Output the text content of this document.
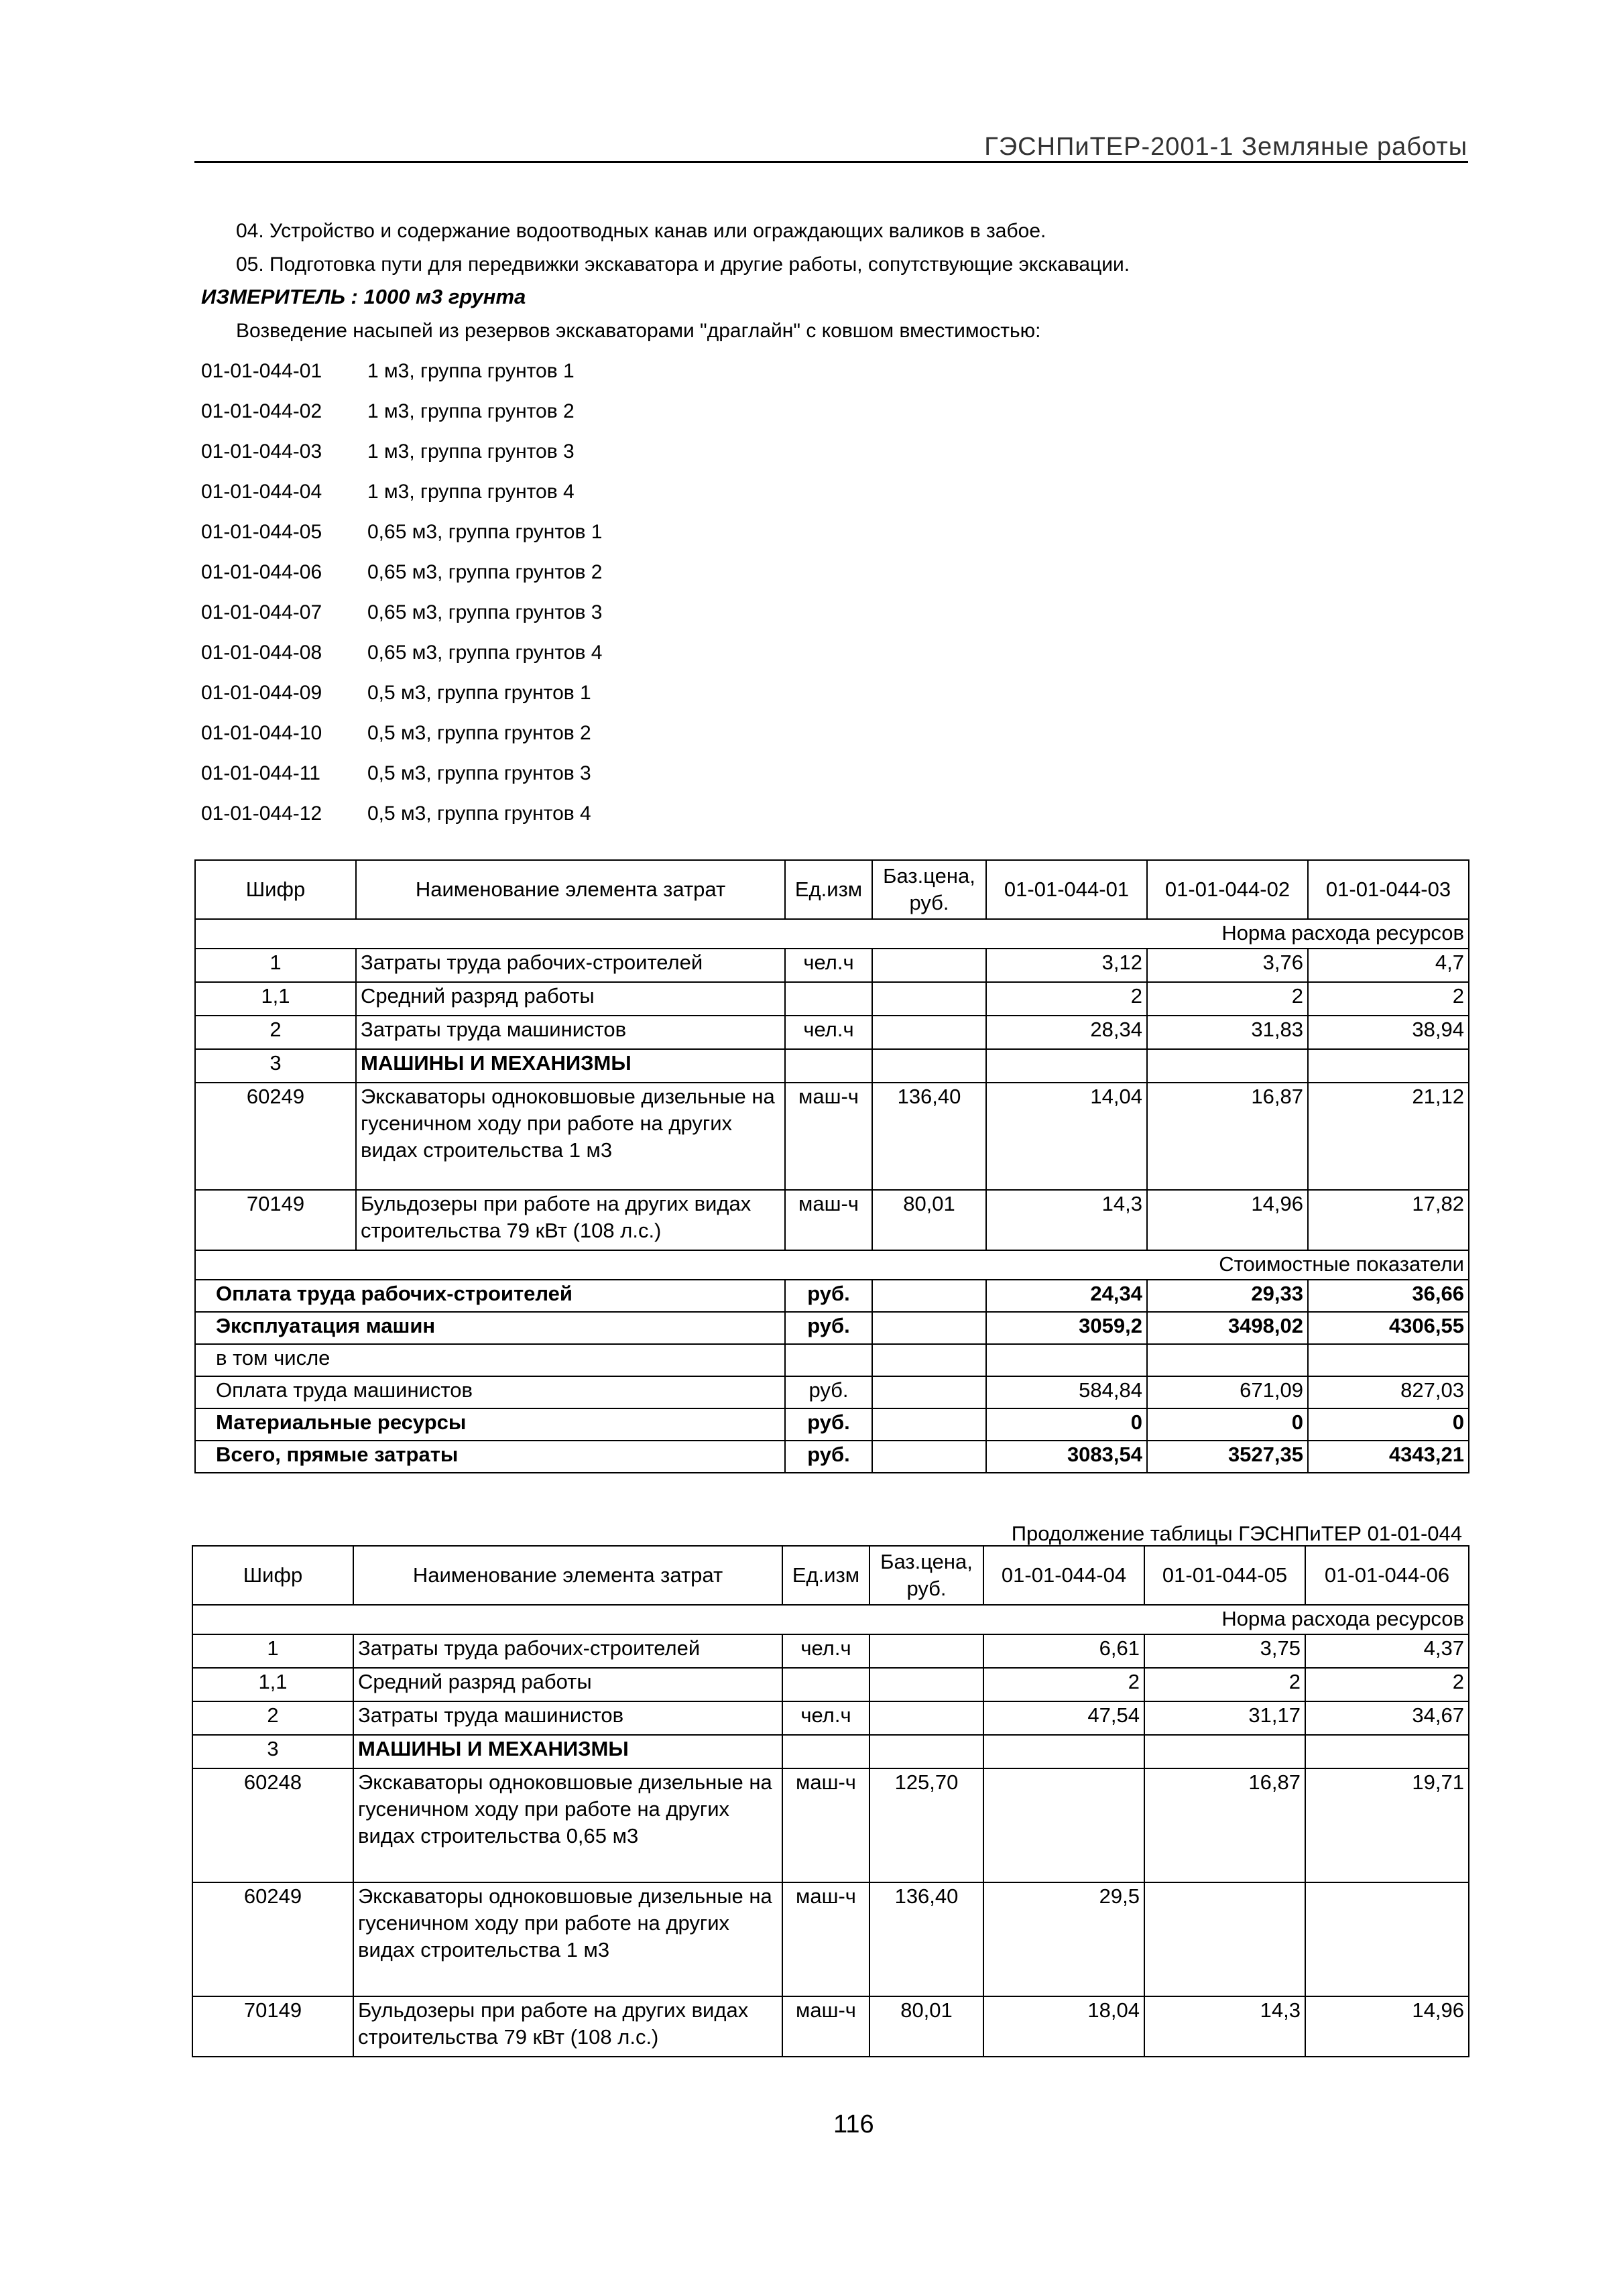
ГЭСНПиТЕР-2001-1 Земляные работы
04. Устройство и содержание водоотводных канав или ограждающих валиков в забое.
05. Подготовка пути для передвижки экскаватора и другие работы, сопутствующие экскавации.
ИЗМЕРИТЕЛЬ : 1000 м3 грунта
Возведение насыпей из резервов экскаваторами "драглайн" с ковшом вместимостью:
01-01-044-01 1 м3, группа грунтов 1
01-01-044-02 1 м3, группа грунтов 2
01-01-044-03 1 м3, группа грунтов 3
01-01-044-04 1 м3, группа грунтов 4
01-01-044-05 0,65 м3, группа грунтов 1
01-01-044-06 0,65 м3, группа грунтов 2
01-01-044-07 0,65 м3, группа грунтов 3
01-01-044-08 0,65 м3, группа грунтов 4
01-01-044-09 0,5 м3, группа грунтов 1
01-01-044-10 0,5 м3, группа грунтов 2
01-01-044-11 0,5 м3, группа грунтов 3
01-01-044-12 0,5 м3, группа грунтов 4
Шифр	Наименование элемента затрат	Ед.изм	Баз.цена, руб.	01-01-044-01	01-01-044-02	01-01-044-03
Норма расхода ресурсов						
1	Затраты труда рабочих-строителей	чел.ч		3,12	3,76	4,7
1,1	Средний разряд работы			2	2	2
2	Затраты труда машинистов	чел.ч		28,34	31,83	38,94
3	МАШИНЫ И МЕХАНИЗМЫ					
60249	Экскаваторы одноковшовые дизельные на гусеничном ходу при работе на других видах строительства 1 м3	маш-ч	136,40	14,04	16,87	21,12
70149	Бульдозеры при работе на других видах строительства 79 кВт (108 л.с.)	маш-ч	80,01	14,3	14,96	17,82
Стоимостные показатели						
Оплата труда рабочих-строителей		руб.		24,34	29,33	36,66
Эксплуатация машин		руб.		3059,2	3498,02	4306,55
в том числе						
Оплата труда машинистов		руб.		584,84	671,09	827,03
Материальные ресурсы		руб.		0	0	0
Всего, прямые затраты		руб.		3083,54	3527,35	4343,21
Продолжение таблицы ГЭСНПиТЕР 01-01-044
Шифр	Наименование элемента затрат	Ед.изм	Баз.цена, руб.	01-01-044-04	01-01-044-05	01-01-044-06
Норма расхода ресурсов						
1	Затраты труда рабочих-строителей	чел.ч		6,61	3,75	4,37
1,1	Средний разряд работы			2	2	2
2	Затраты труда машинистов	чел.ч		47,54	31,17	34,67
3	МАШИНЫ И МЕХАНИЗМЫ					
60248	Экскаваторы одноковшовые дизельные на гусеничном ходу при работе на других видах строительства 0,65 м3	маш-ч	125,70		16,87	19,71
60249	Экскаваторы одноковшовые дизельные на гусеничном ходу при работе на других видах строительства 1 м3	маш-ч	136,40	29,5		
70149	Бульдозеры при работе на других видах строительства 79 кВт (108 л.с.)	маш-ч	80,01	18,04	14,3	14,96
116
